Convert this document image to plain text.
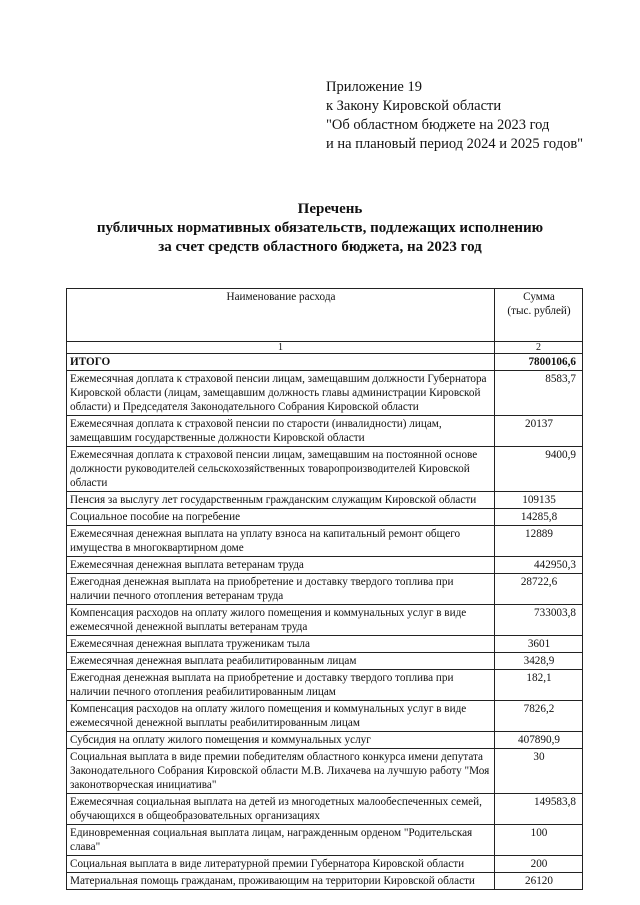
Приложение 19
к Закону Кировской области
"Об областном бюджете на 2023 год
и на плановый период 2024 и 2025 годов"
Перечень
публичных нормативных обязательств, подлежащих исполнению
за счет средств областного бюджета, на 2023 год
Наименование расхода	Сумма
(тыс. рублей)

1	2
ИТОГО	7800106,6
Ежемесячная доплата к страховой пенсии лицам, замещавшим должности Губернатора Кировской области (лицам, замещавшим должность главы администрации Кировской области) и Председателя Законодательного Собрания Кировской области	8583,7
Ежемесячная доплата к страховой пенсии по старости (инвалидности) лицам, замещавшим государственные должности Кировской области	20137
Ежемесячная доплата к страховой пенсии лицам, замещавшим на постоянной основе должности руководителей сельскохозяйственных товаропроизводителей Кировской области	9400,9
Пенсия за выслугу лет государственным гражданским служащим Кировской области	109135
Социальное пособие на погребение	14285,8
Ежемесячная денежная выплата на уплату взноса на капитальный ремонт общего имущества в многоквартирном доме	12889
Ежемесячная денежная выплата ветеранам труда	442950,3
Ежегодная денежная выплата на приобретение и доставку твердого топлива при наличии печного отопления ветеранам труда	28722,6
Компенсация расходов на оплату жилого помещения и коммунальных услуг в виде ежемесячной денежной выплаты ветеранам труда	733003,8
Ежемесячная денежная выплата труженикам тыла	3601
Ежемесячная денежная выплата реабилитированным лицам	3428,9
Ежегодная денежная выплата на приобретение и доставку твердого топлива при наличии печного отопления реабилитированным лицам	182,1
Компенсация расходов на оплату жилого помещения и коммунальных услуг в виде ежемесячной денежной выплаты реабилитированным лицам	7826,2
Субсидия на оплату жилого помещения и коммунальных услуг	407890,9
Социальная выплата в виде премии победителям областного конкурса имени депутата Законодательного Собрания Кировской области М.В. Лихачева на лучшую работу "Моя законотворческая инициатива"	30
Ежемесячная социальная выплата на детей из многодетных малообеспеченных семей, обучающихся в общеобразовательных организациях	149583,8
Единовременная социальная выплата лицам, награжденным орденом "Родительская слава"	100
Социальная выплата в виде литературной премии Губернатора Кировской области	200
Материальная помощь гражданам, проживающим на территории Кировской области	26120
